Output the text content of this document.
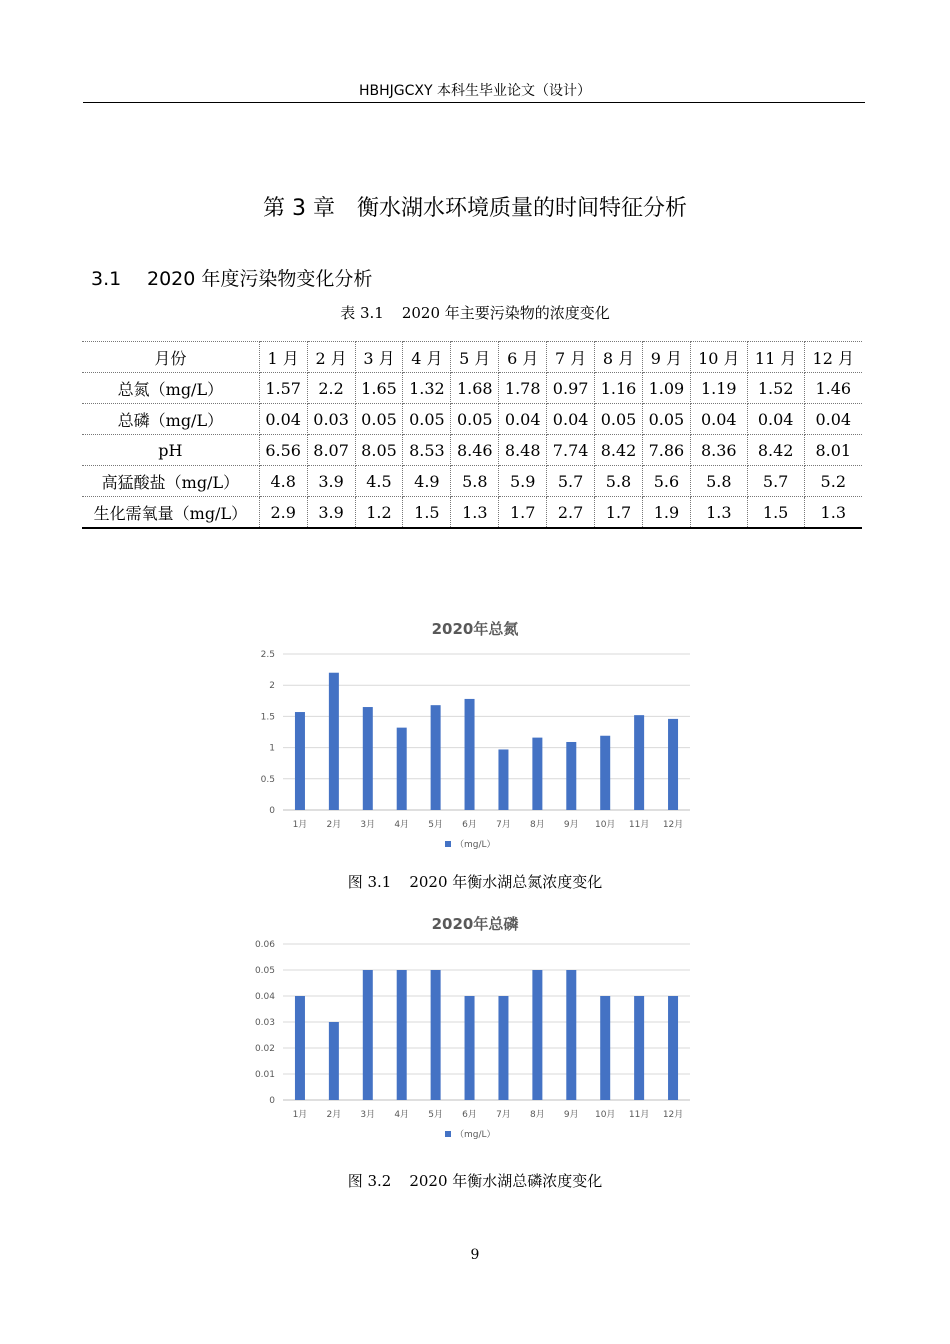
HBHJGCXY 本科生毕业论文（设计）
第 3 章　衡水湖水环境质量的时间特征分析
3.1 2020 年度污染物变化分析
表 3.1 2020 年主要污染物的浓度变化
月份	1 月	2 月	3 月	4 月	5 月	6 月	7 月	8 月	9 月	10 月	11 月	12 月
总氮（mg/L）	1.57	2.2	1.65	1.32	1.68	1.78	0.97	1.16	1.09	1.19	1.52	1.46
总磷（mg/L）	0.04	0.03	0.05	0.05	0.05	0.04	0.04	0.05	0.05	0.04	0.04	0.04
pH	6.56	8.07	8.05	8.53	8.46	8.48	7.74	8.42	7.86	8.36	8.42	8.01
高猛酸盐（mg/L）	4.8	3.9	4.5	4.9	5.8	5.9	5.7	5.8	5.6	5.8	5.7	5.2
生化需氧量（mg/L）	2.9	3.9	1.2	1.5	1.3	1.7	2.7	1.7	1.9	1.3	1.5	1.3
2020年总氮
0
0.5
1
1.5
2
2.5
1月 2月 3月 4月 5月 6月 7月 8月 9月 10月 11月 12月
（mg/L）
图 3.1 2020 年衡水湖总氮浓度变化
2020年总磷
0
0.01
0.02
0.03
0.04
0.05
0.06
1月 2月 3月 4月 5月 6月 7月 8月 9月 10月 11月 12月
（mg/L）
图 3.2 2020 年衡水湖总磷浓度变化
9
